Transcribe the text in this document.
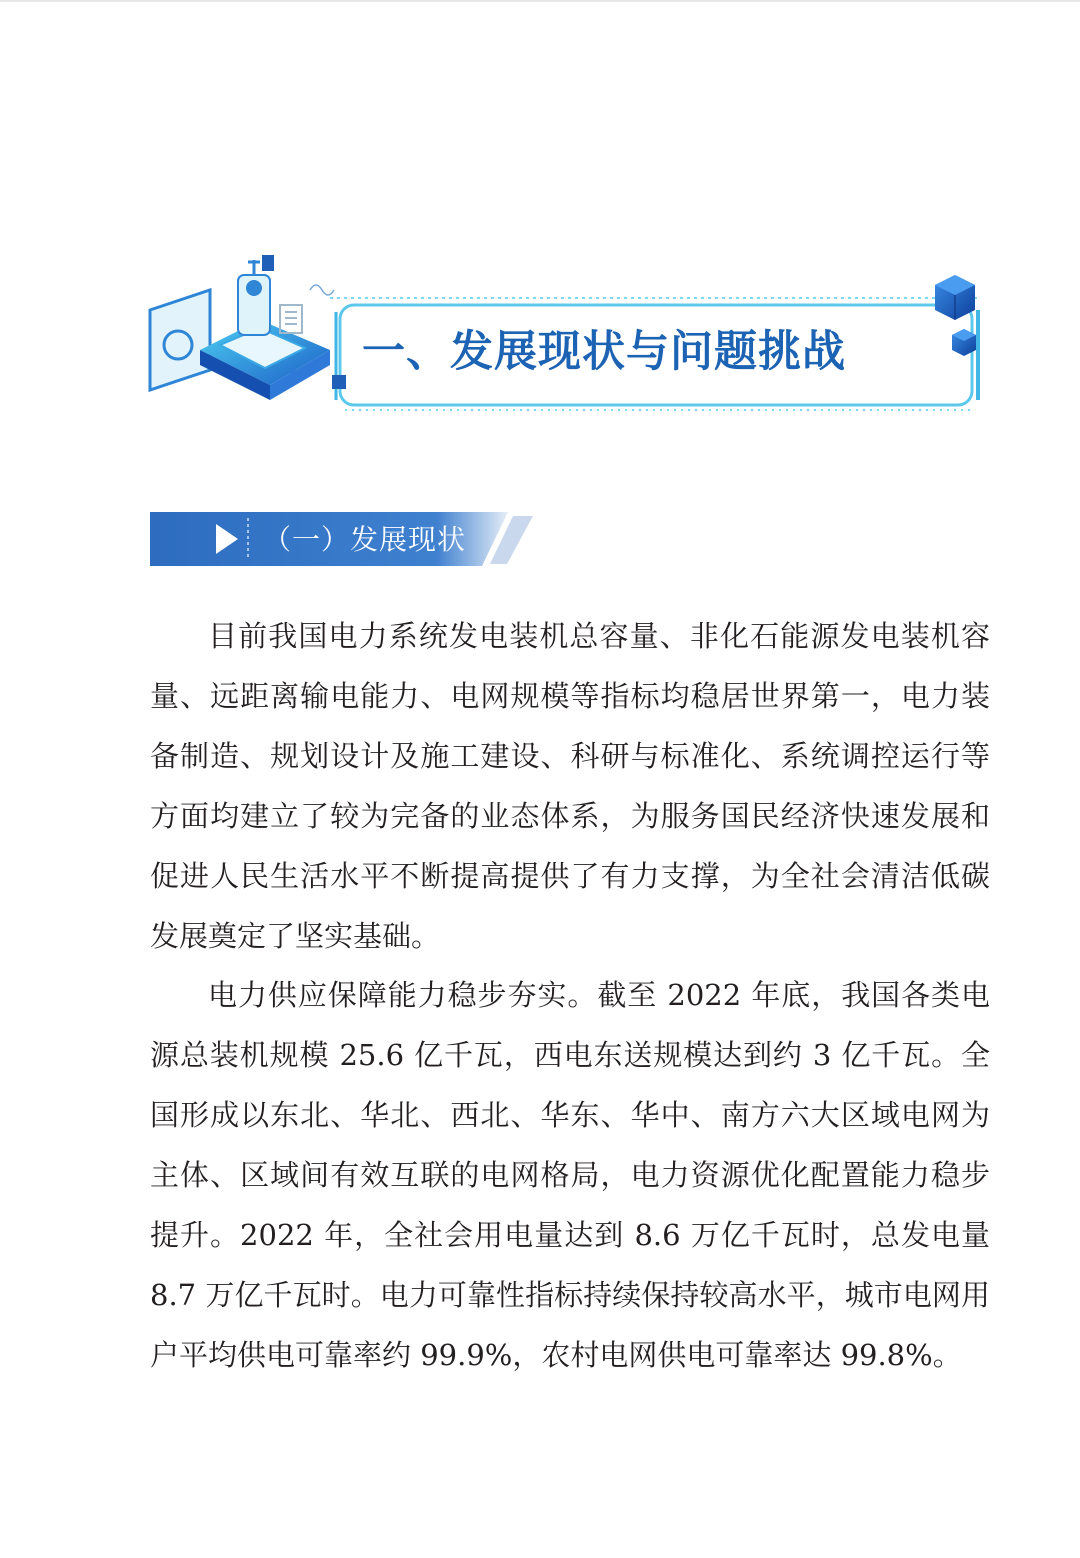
一、发展现状与问题挑战
（一）发展现状

目前我国电力系统发电装机总容量、非化石能源发电装机容量、远距离输电能力、电网规模等指标均稳居世界第一，电力装备制造、规划设计及施工建设、科研与标准化、系统调控运行等方面均建立了较为完备的业态体系，为服务国民经济快速发展和促进人民生活水平不断提高提供了有力支撑，为全社会清洁低碳发展奠定了坚实基础。

电力供应保障能力稳步夯实。截至 2022 年底，我国各类电源总装机规模 25.6 亿千瓦，西电东送规模达到约 3 亿千瓦。全国形成以东北、华北、西北、华东、华中、南方六大区域电网为主体、区域间有效互联的电网格局，电力资源优化配置能力稳步提升。2022 年，全社会用电量达到 8.6 万亿千瓦时，总发电量 8.7 万亿千瓦时。电力可靠性指标持续保持较高水平，城市电网用户平均供电可靠率约 99.9%，农村电网供电可靠率达 99.8%。
